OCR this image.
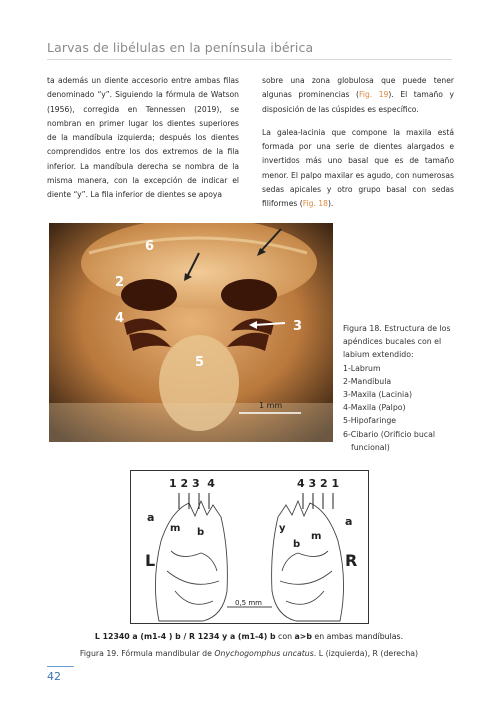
Larvas de libélulas en la península ibérica

ta además un diente accesorio entre ambas filas denominado “y”. Siguiendo la fórmula de Watson (1956), corregida en Tennessen (2019), se nombran en primer lugar los dientes superiores de la mandíbula izquierda; después los dientes comprendidos entre los dos extremos de la fila inferior. La mandíbula derecha se nombra de la misma manera, con la excepción de indicar el diente “y”. La fila inferior de dientes se apoya

sobre una zona globulosa que puede tener algunas prominencias (Fig. 19). El tamaño y disposición de las cúspides es específico.

La galea-lacinia que compone la maxila está formada por una serie de dientes alargados e invertidos más uno basal que es de tamaño menor. El palpo maxilar es agudo, con numerosas sedas apicales y otro grupo basal con sedas filiformes (Fig. 18).

6
2
4
3
5
1 mm
Figura 18. Estructura de los apéndices bucales con el labium extendido:
1-Labrum
2-Mandíbula
3-Maxila (Lacinia)
4-Maxila (Palpo)
5-Hipofaringe
6-Cibario (Orificio bucal
funcional)
1 2 3  4	4 3 2 1
a
m b
L
y
b
m
a
R
0,5 mm
L 12340 a (m1-4 ) b / R 1234 y a (m1-4) b con a>b en ambas mandíbulas.
Figura 19. Fórmula mandibular de Onychogomphus uncatus. L (izquierda), R (derecha)
42
